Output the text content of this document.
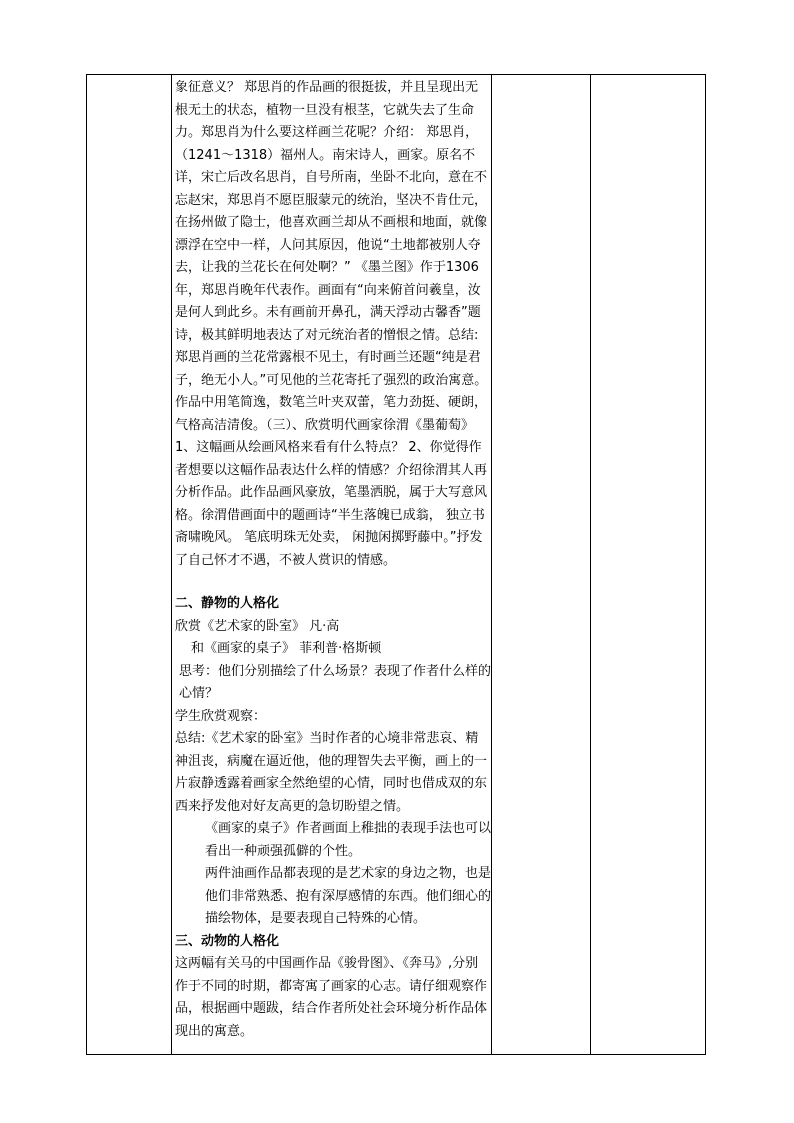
象征意义？ 郑思肖的作品画的很挺拔，并且呈现出无根无土的状态，植物一旦没有根茎，它就失去了生命力。郑思肖为什么要这样画兰花呢？介绍： 郑思肖， （1241～1318）福州人。南宋诗人，画家。原名不详，宋亡后改名思肖，自号所南，坐卧不北向，意在不忘赵宋，郑思肖不愿臣服蒙元的统治，坚决不肯仕元，在扬州做了隐士，他喜欢画兰却从不画根和地面，就像漂浮在空中一样，人问其原因，他说“土地都被别人夺去，让我的兰花长在何处啊？” 《墨兰图》作于1306年，郑思肖晚年代表作。画面有“向来俯首问羲皇，汝是何人到此乡。未有画前开鼻孔，满天浮动古馨香”题诗，极其鲜明地表达了对元统治者的憎恨之情。总结:郑思肖画的兰花常露根不见土，有时画兰还题“纯是君子，绝无小人。”可见他的兰花寄托了强烈的政治寓意。作品中用笔简逸，数笔兰叶夹双蕾，笔力劲挺、硬朗，气格高洁清俊。（三）、欣赏明代画家徐渭《墨葡萄》 1、这幅画从绘画风格来看有什么特点？ 2、你觉得作者想要以这幅作品表达什么样的情感？介绍徐渭其人再分析作品。此作品画风豪放，笔墨洒脱，属于大写意风格。徐渭借画面中的题画诗“半生落魄已成翁， 独立书斋啸晚风。 笔底明珠无处卖， 闲抛闲掷野藤中。”抒发了自己怀才不遇，不被人赏识的情感。

二、静物的人格化

欣赏《艺术家的卧室》 凡·高

和《画家的桌子》 菲利普·格斯顿

思考：他们分别描绘了什么场景？表现了作者什么样的心情？

学生欣赏观察：

总结:《艺术家的卧室》当时作者的心境非常悲哀、精神沮丧，病魔在逼近他，他的理智失去平衡，画上的一片寂静透露着画家全然绝望的心情，同时也借成双的东西来抒发他对好友高更的急切盼望之情。

《画家的桌子》作者画面上稚拙的表现手法也可以看出一种顽强孤僻的个性。

两件油画作品都表现的是艺术家的身边之物，也是他们非常熟悉、抱有深厚感情的东西。他们细心的描绘物体，是要表现自己特殊的心情。

三、动物的人格化

这两幅有关马的中国画作品《骏骨图》、《奔马》,分别作于不同的时期，都寄寓了画家的心志。请仔细观察作品，根据画中题跋，结合作者所处社会环境分析作品体现出的寓意。
